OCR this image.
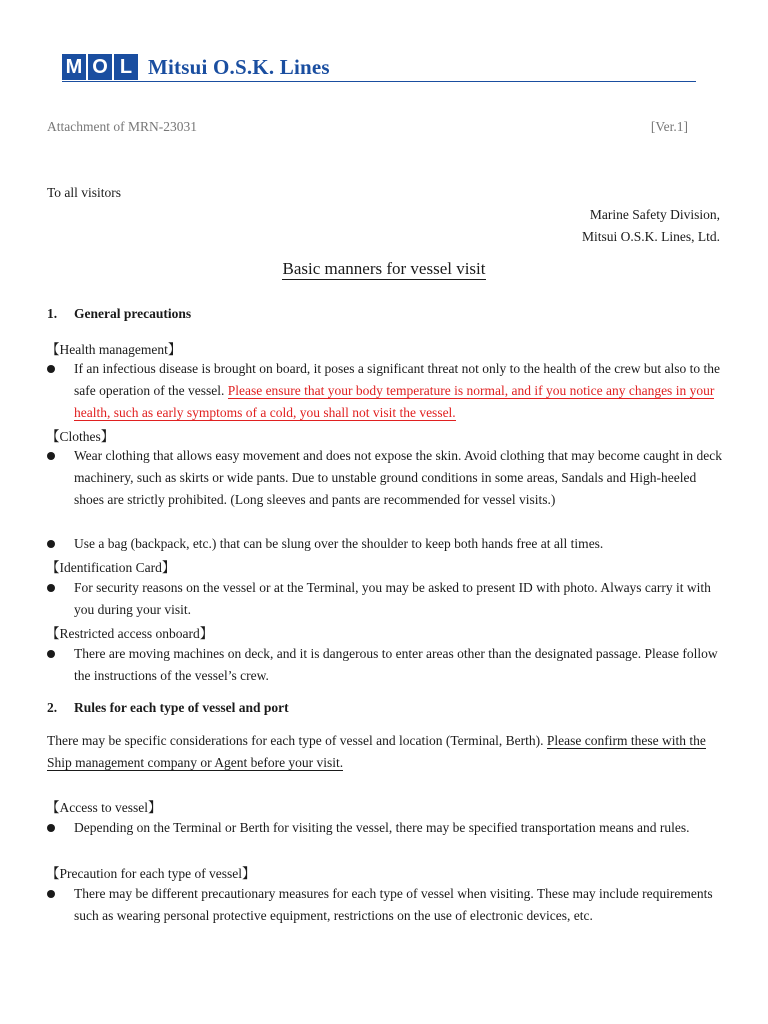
M O L Mitsui O.S.K. Lines
Attachment of MRN-23031	[Ver.1]
To all visitors
Marine Safety Division,
Mitsui O.S.K. Lines, Ltd.
Basic manners for vessel visit
1. General precautions
【Health management】
If an infectious disease is brought on board, it poses a significant threat not only to the health of the crew but also to the safe operation of the vessel. Please ensure that your body temperature is normal, and if you notice any changes in your health, such as early symptoms of a cold, you shall not visit the vessel.
【Clothes】
Wear clothing that allows easy movement and does not expose the skin. Avoid clothing that may become caught in deck machinery, such as skirts or wide pants. Due to unstable ground conditions in some areas, Sandals and High-heeled shoes are strictly prohibited. (Long sleeves and pants are recommended for vessel visits.)
Use a bag (backpack, etc.) that can be slung over the shoulder to keep both hands free at all times.
【Identification Card】
For security reasons on the vessel or at the Terminal, you may be asked to present ID with photo. Always carry it with you during your visit.
【Restricted access onboard】
There are moving machines on deck, and it is dangerous to enter areas other than the designated passage. Please follow the instructions of the vessel’s crew.
2. Rules for each type of vessel and port
There may be specific considerations for each type of vessel and location (Terminal, Berth). Please confirm these with the Ship management company or Agent before your visit.
【Access to vessel】
Depending on the Terminal or Berth for visiting the vessel, there may be specified transportation means and rules.
【Precaution for each type of vessel】
There may be different precautionary measures for each type of vessel when visiting. These may include requirements such as wearing personal protective equipment, restrictions on the use of electronic devices, etc.
